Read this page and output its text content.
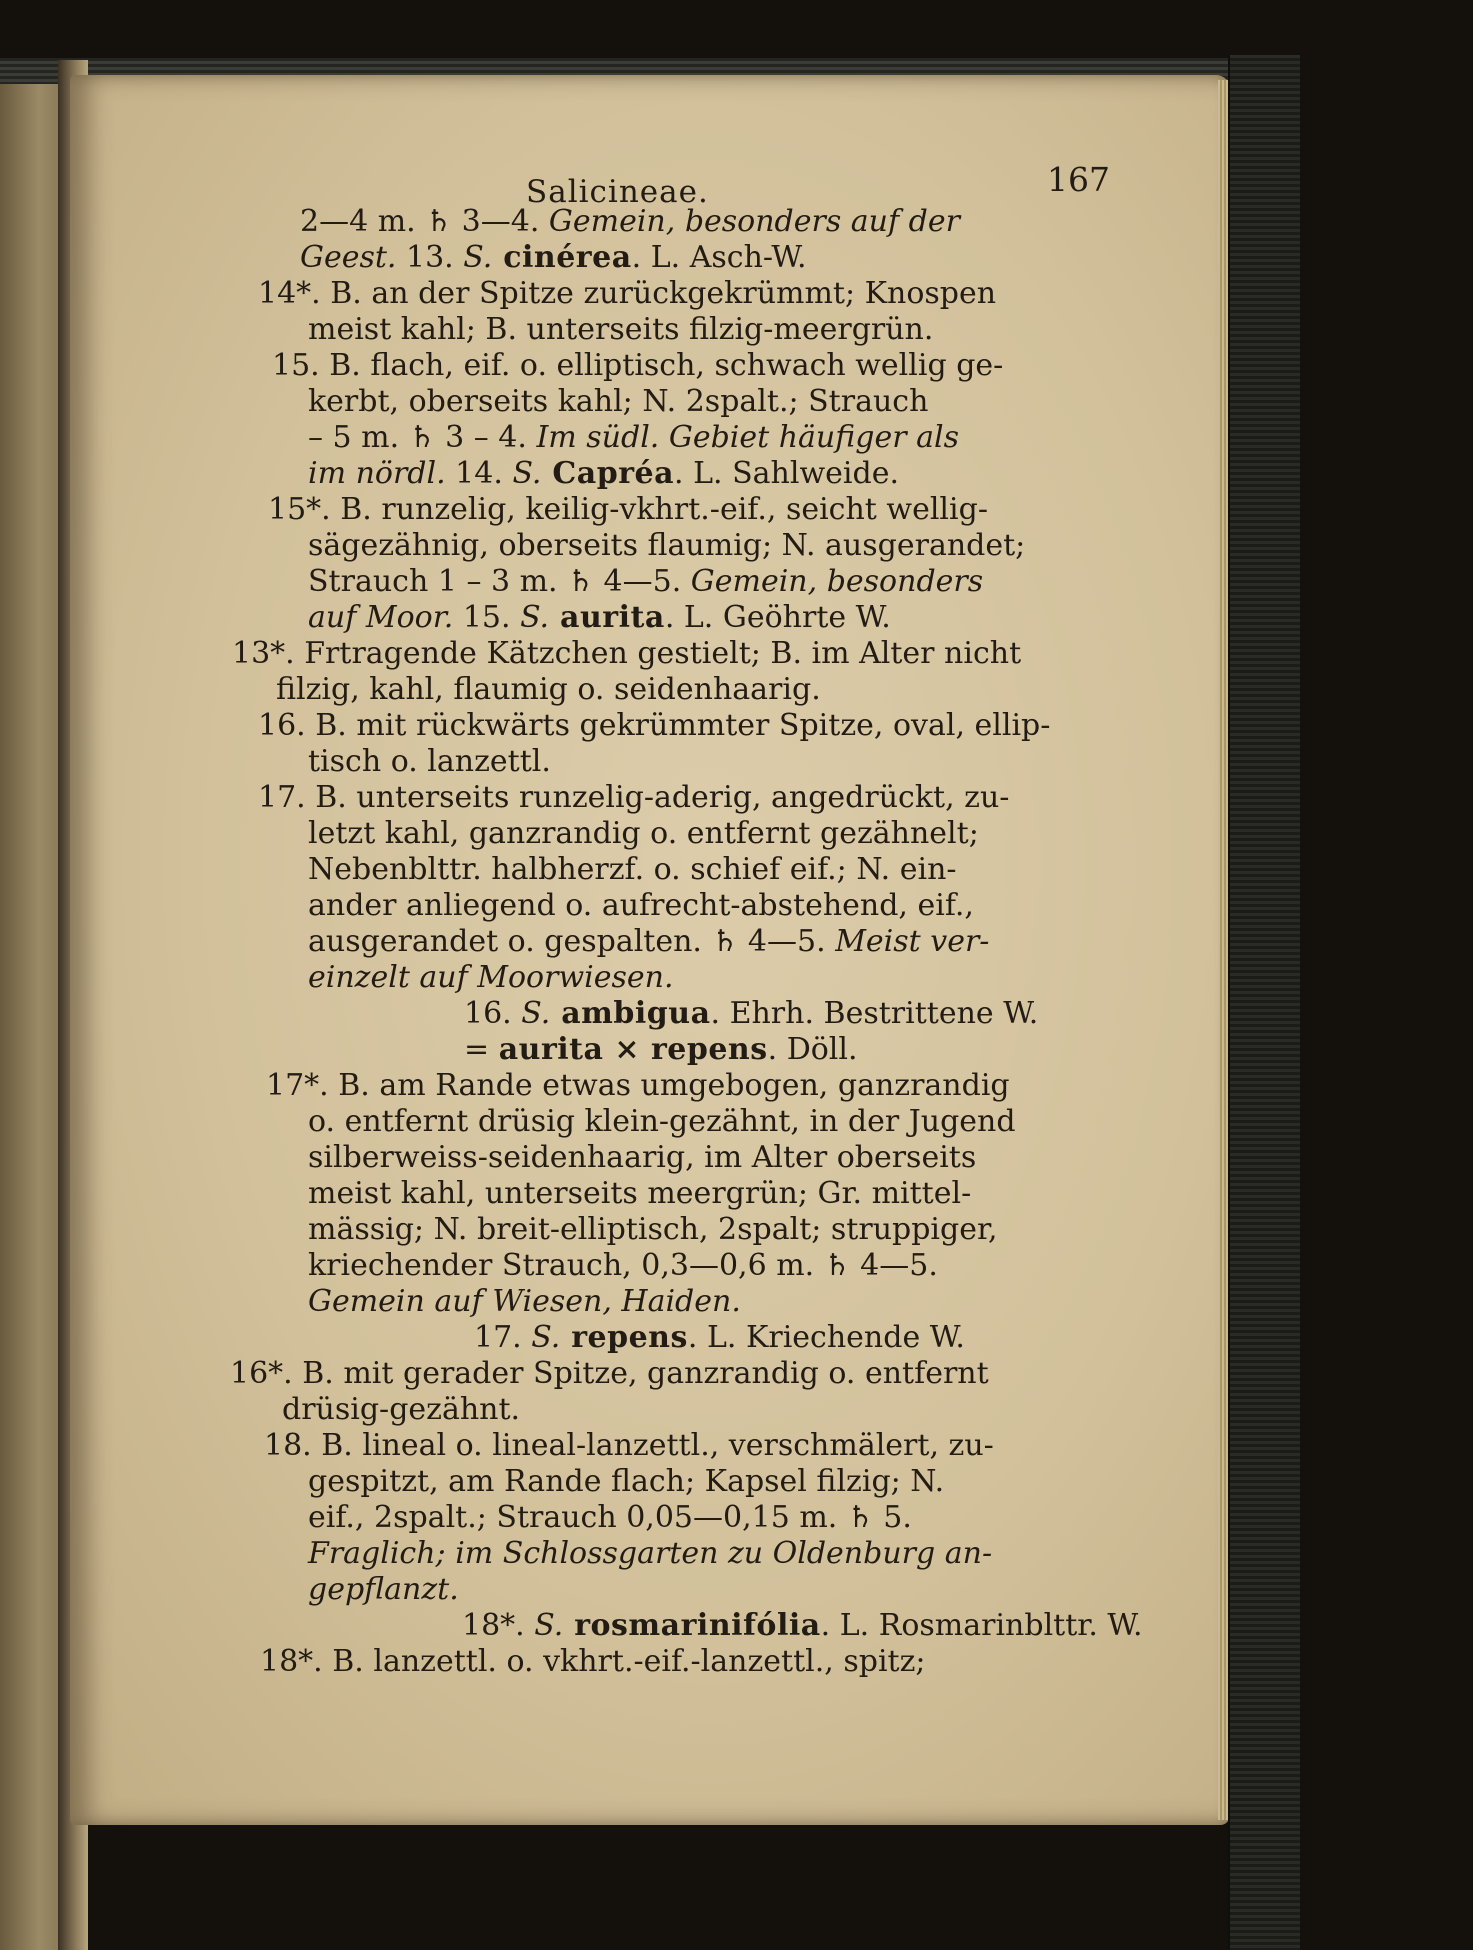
Salicineae.	167
2—4 m. ♄ 3—4. Gemein, besonders auf der
Geest. 13. S. cinérea. L. Asch-W.
14*. B. an der Spitze zurückgekrümmt; Knospen
meist kahl; B. unterseits filzig-meergrün.
15. B. flach, eif. o. elliptisch, schwach wellig ge-
kerbt, oberseits kahl; N. 2spalt.; Strauch
– 5 m. ♄ 3 – 4. Im südl. Gebiet häufiger als
im nördl. 14. S. Capréa. L. Sahlweide.
15*. B. runzelig, keilig-vkhrt.-eif., seicht wellig-
sägezähnig, oberseits flaumig; N. ausgerandet;
Strauch 1 – 3 m. ♄ 4—5. Gemein, besonders
auf Moor. 15. S. aurita. L. Geöhrte W.
13*. Frtragende Kätzchen gestielt; B. im Alter nicht
filzig, kahl, flaumig o. seidenhaarig.
16. B. mit rückwärts gekrümmter Spitze, oval, ellip-
tisch o. lanzettl.
17. B. unterseits runzelig-aderig, angedrückt, zu-
letzt kahl, ganzrandig o. entfernt gezähnelt;
Nebenblttr. halbherzf. o. schief eif.; N. ein-
ander anliegend o. aufrecht-abstehend, eif.,
ausgerandet o. gespalten. ♄ 4—5. Meist ver-
einzelt auf Moorwiesen.
16. S. ambigua. Ehrh. Bestrittene W.
= aurita × repens. Döll.
17*. B. am Rande etwas umgebogen, ganzrandig
o. entfernt drüsig klein-gezähnt, in der Jugend
silberweiss-seidenhaarig, im Alter oberseits
meist kahl, unterseits meergrün; Gr. mittel-
mässig; N. breit-elliptisch, 2spalt; struppiger,
kriechender Strauch, 0,3—0,6 m. ♄ 4—5.
Gemein auf Wiesen, Haiden.
17. S. repens. L. Kriechende W.
16*. B. mit gerader Spitze, ganzrandig o. entfernt
drüsig-gezähnt.
18. B. lineal o. lineal-lanzettl., verschmälert, zu-
gespitzt, am Rande flach; Kapsel filzig; N.
eif., 2spalt.; Strauch 0,05—0,15 m. ♄ 5.
Fraglich; im Schlossgarten zu Oldenburg an-
gepflanzt.
18*. S. rosmarinifólia. L. Rosmarinblttr. W.
18*. B. lanzettl. o. vkhrt.-eif.-lanzettl., spitz;
